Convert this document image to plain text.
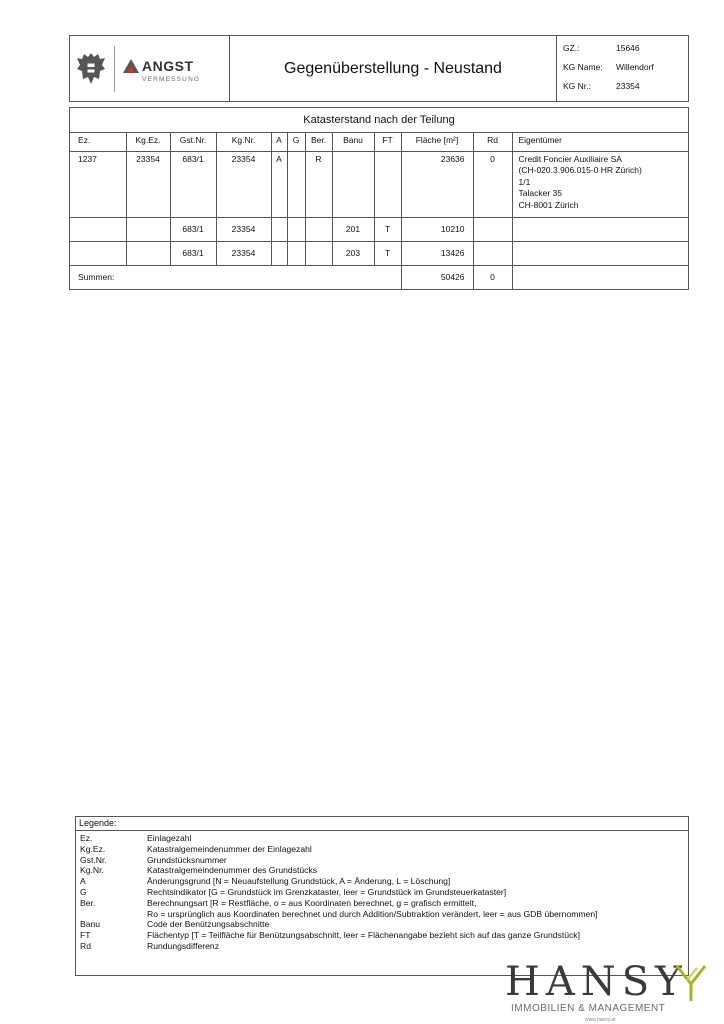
ANGST
VERMESSUNG
Gegenüberstellung - Neustand
GZ.:	15646
KG Name: Willendorf
KG Nr.:	23354
Katasterstand nach der Teilung
Ez.	Kg.Ez.	Gst.Nr.	Kg.Nr.	A	G	Ber.	Banu	FT	Fläche [m²]	Rd	Eigentümer
1237	23354	683/1	23354	A		R			23636	0	Credit Foncier Auxiliaire SA
(CH-020.3.906.015-0 HR Zürich)
1/1
Talacker 35
CH-8001 Zürich

		683/1	23354				201	T	10210		
		683/1	23354				203	T	13426		
Summen:									50426	0	
Legende:
Ez.	Einlagezahl
Kg.Ez.	Katastralgemeindenummer der Einlagezahl
Gst.Nr.	Grundstücksnummer
Kg.Nr.	Katastralgemeindenummer des Grundstücks
A	Änderungsgrund [N = Neuaufstellung Grundstück, A = Änderung, L = Löschung]
G	Rechtsindikator [G = Grundstück im Grenzkataster, leer = Grundstück im Grundsteuerkataster]
Ber.	Berechnungsart [R = Restfläche, o = aus Koordinaten berechnet, g = grafisch ermittelt,
Ro = ursprünglich aus Koordinaten berechnet und durch Addition/Subtraktion verändert, leer = aus GDB übernommen]
Banu	Code der Benützungsabschnitte
FT	Flächentyp [T = Teilfläche für Benützungsabschnitt, leer = Flächenangabe bezieht sich auf das ganze Grundstück]
Rd	Rundungsdifferenz
HANSY
IMMOBILIEN & MANAGEMENT
www.hansy.at
